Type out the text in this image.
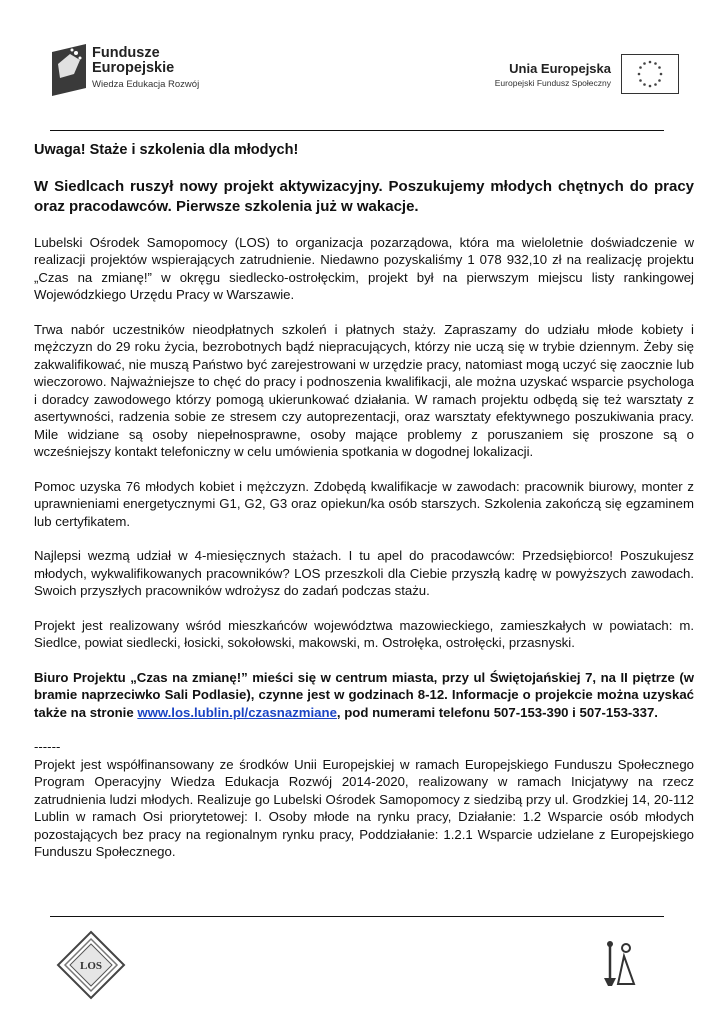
Fundusze
Europejskie
Wiedza Edukacja Rozwój
Unia Europejska
Europejski Fundusz Społeczny
Uwaga! Staże i szkolenia dla młodych!

W Siedlcach ruszył nowy projekt aktywizacyjny. Poszukujemy młodych chętnych do pracy oraz pracodawców. Pierwsze szkolenia już w wakacje.

Lubelski Ośrodek Samopomocy (LOS) to organizacja pozarządowa, która ma wieloletnie doświadczenie w realizacji projektów wspierających zatrudnienie. Niedawno pozyskaliśmy 1 078 932,10 zł na realizację projektu „Czas na zmianę!” w okręgu siedlecko-ostrołęckim, projekt był na pierwszym miejscu listy rankingowej Wojewódzkiego Urzędu Pracy w Warszawie.

Trwa nabór uczestników nieodpłatnych szkoleń i płatnych staży. Zapraszamy do udziału młode kobiety i mężczyzn do 29 roku życia, bezrobotnych bądź niepracujących, którzy nie uczą się w trybie dziennym. Żeby się zakwalifikować, nie muszą Państwo być zarejestrowani w urzędzie pracy, natomiast mogą uczyć się zaocznie lub wieczorowo. Najważniejsze to chęć do pracy i podnoszenia kwalifikacji, ale można uzyskać wsparcie psychologa i doradcy zawodowego którzy pomogą ukierunkować działania. W ramach projektu odbędą się też warsztaty z asertywności, radzenia sobie ze stresem czy autoprezentacji, oraz warsztaty efektywnego poszukiwania pracy. Mile widziane są osoby niepełnosprawne, osoby mające problemy z poruszaniem się proszone są o wcześniejszy kontakt telefoniczny w celu umówienia spotkania w dogodnej lokalizacji.

Pomoc uzyska 76 młodych kobiet i mężczyzn. Zdobędą kwalifikacje w zawodach: pracownik biurowy, monter z uprawnieniami energetycznymi G1, G2, G3 oraz opiekun/ka osób starszych. Szkolenia zakończą się egzaminem lub certyfikatem.

Najlepsi wezmą udział w 4-miesięcznych stażach. I tu apel do pracodawców: Przedsiębiorco! Poszukujesz młodych, wykwalifikowanych pracowników? LOS przeszkoli dla Ciebie przyszłą kadrę w powyższych zawodach. Swoich przyszłych pracowników wdrożysz do zadań podczas stażu.

Projekt jest realizowany wśród mieszkańców województwa mazowieckiego, zamieszkałych w powiatach: m. Siedlce, powiat siedlecki, łosicki, sokołowski, makowski, m. Ostrołęka, ostrołęcki, przasnyski.

Biuro Projektu „Czas na zmianę!” mieści się w centrum miasta, przy ul Świętojańskiej 7, na II piętrze (w bramie naprzeciwko Sali Podlasie), czynne jest w godzinach 8-12. Informacje o projekcie można uzyskać także na stronie www.los.lublin.pl/czasnazmiane, pod numerami telefonu 507-153-390 i 507-153-337.

------

Projekt jest współfinansowany ze środków Unii Europejskiej w ramach Europejskiego Funduszu Społecznego Program Operacyjny Wiedza Edukacja Rozwój 2014-2020, realizowany w ramach Inicjatywy na rzecz zatrudnienia ludzi młodych. Realizuje go Lubelski Ośrodek Samopomocy z siedzibą przy ul. Grodzkiej 14, 20-112 Lublin w ramach Osi priorytetowej: I. Osoby młode na rynku pracy, Działanie: 1.2 Wsparcie osób młodych pozostających bez pracy na regionalnym rynku pracy, Poddziałanie: 1.2.1 Wsparcie udzielane z Europejskiego Funduszu Społecznego.

LOS
